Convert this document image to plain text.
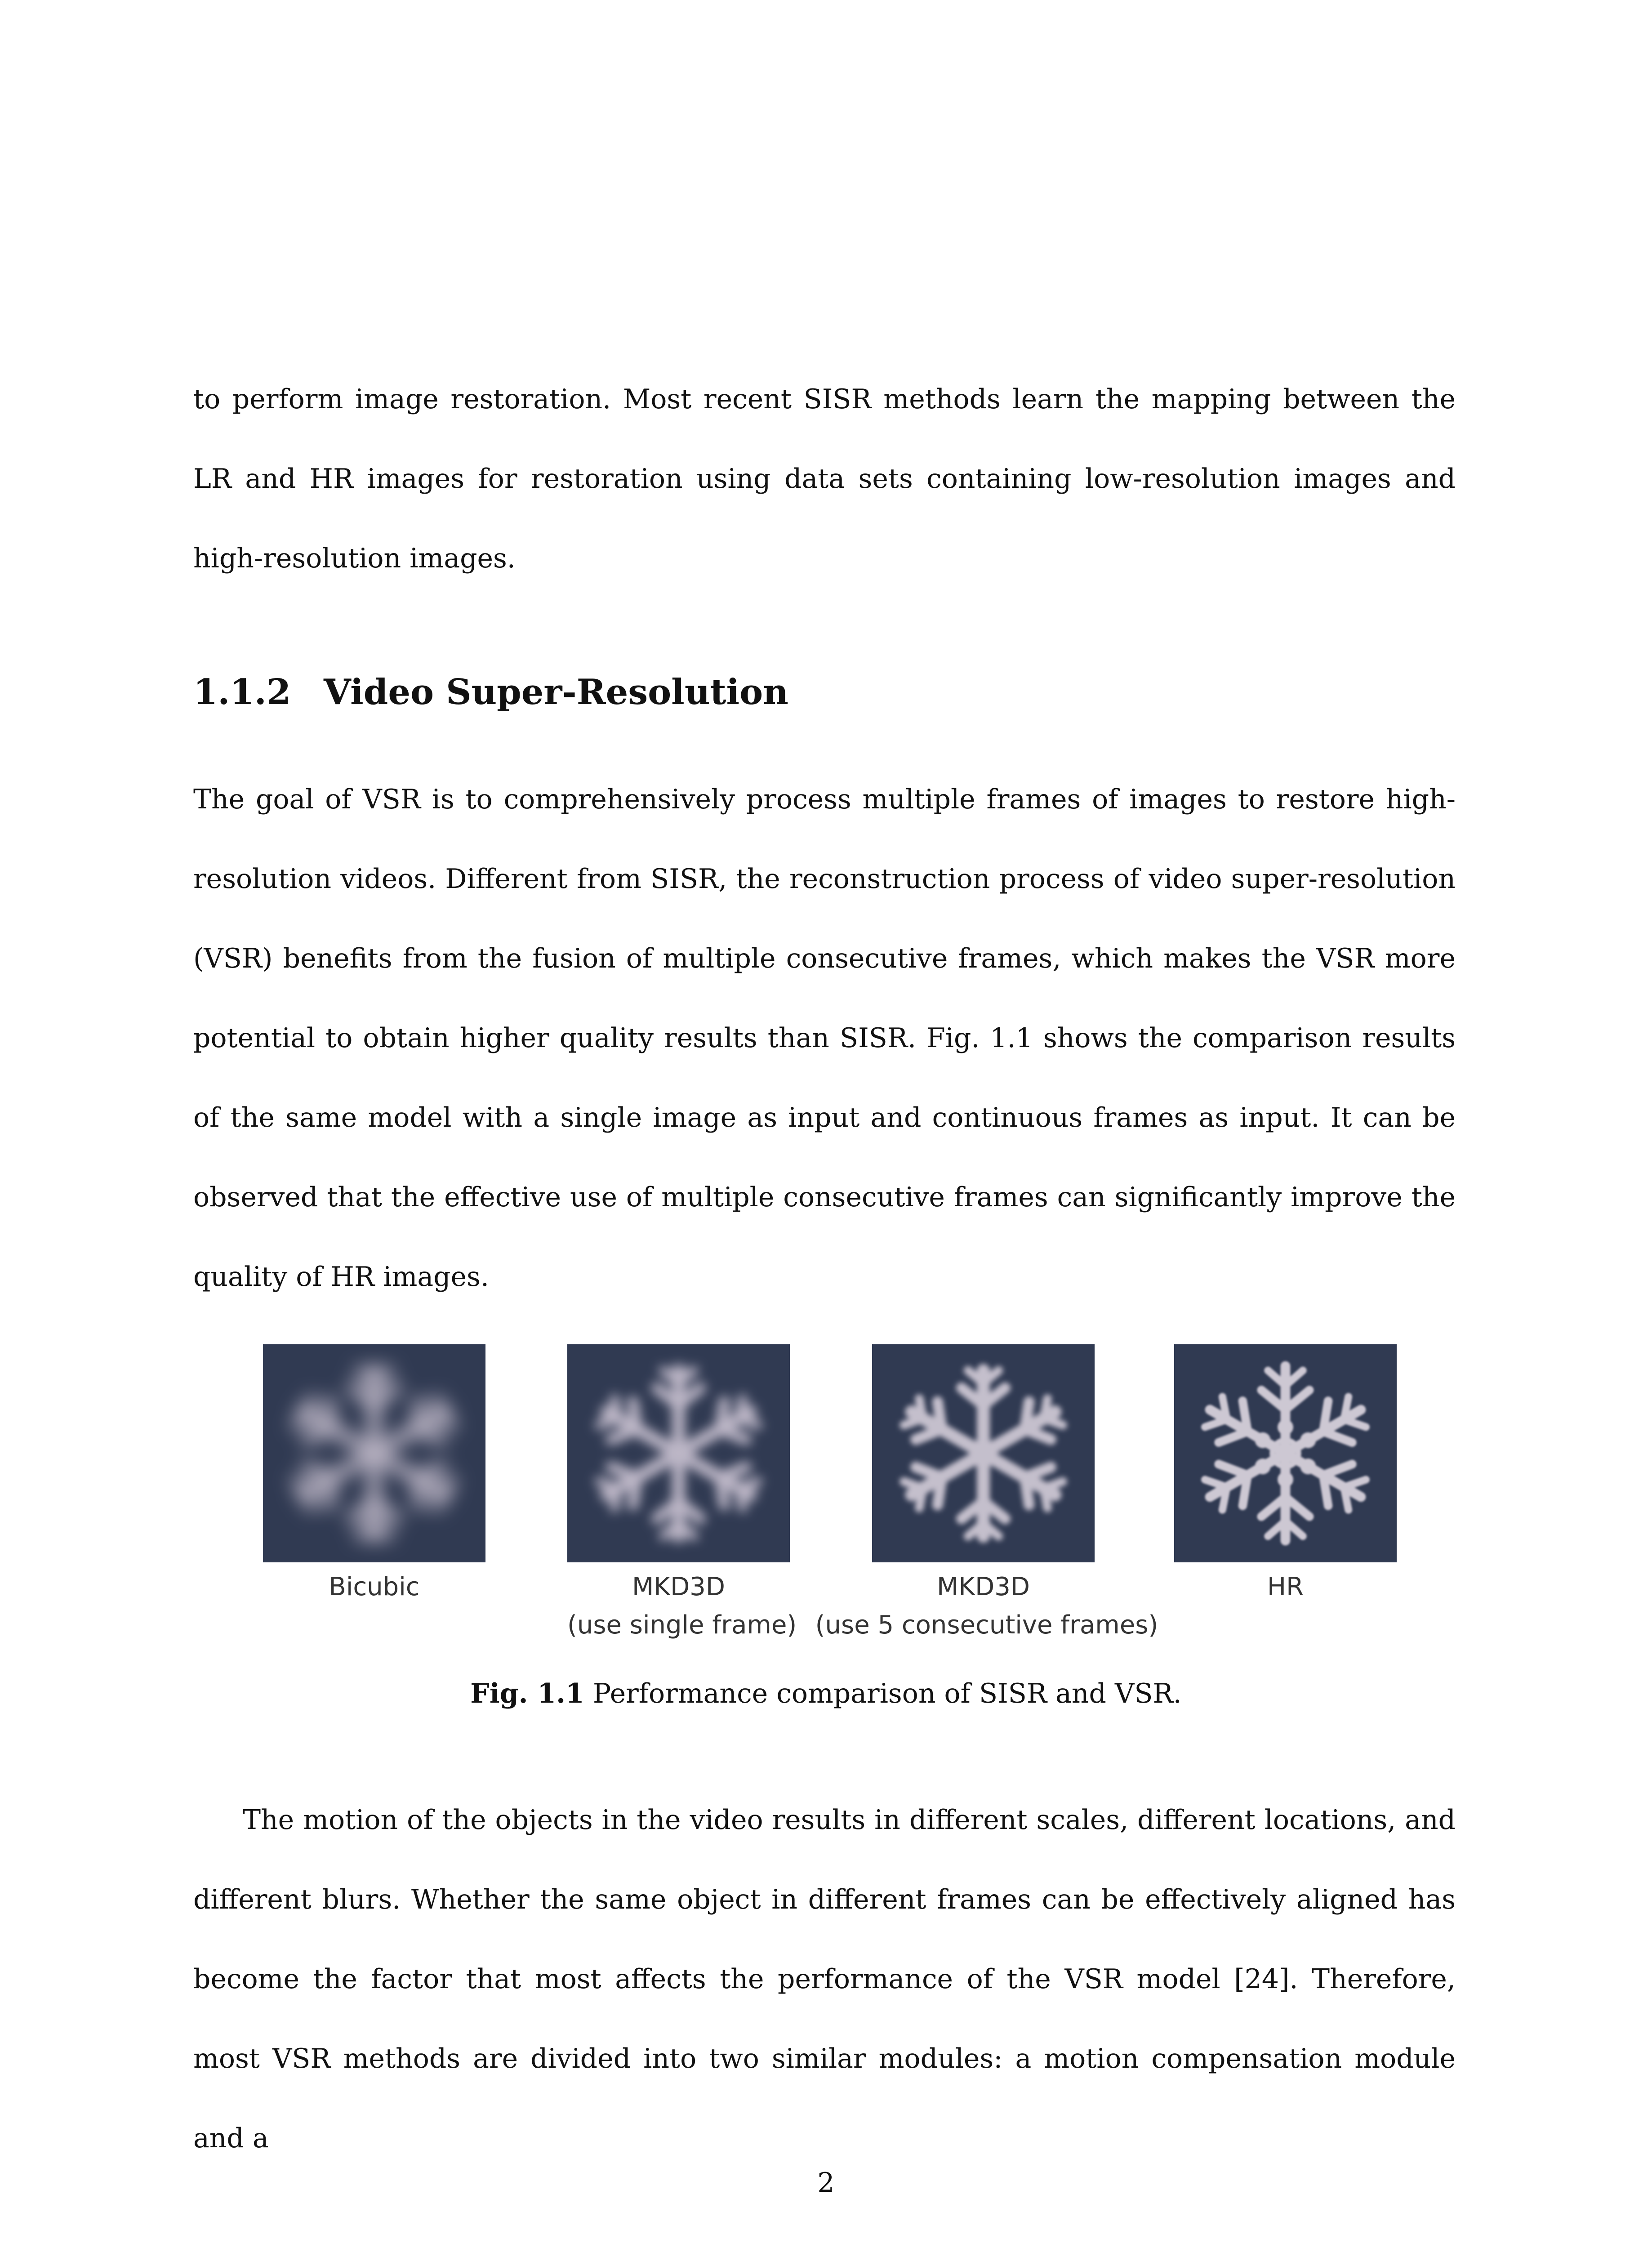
to perform image restoration. Most recent SISR methods learn the mapping between the LR and HR images for restoration using data sets containing low-resolution images and high-resolution images.

1.1.2 Video Super-Resolution

The goal of VSR is to comprehensively process multiple frames of images to restore high-resolution videos. Different from SISR, the reconstruction process of video super-resolution (VSR) benefits from the fusion of multiple consecutive frames, which makes the VSR more potential to obtain higher quality results than SISR. Fig. 1.1 shows the comparison results of the same model with a single image as input and continuous frames as input. It can be observed that the effective use of multiple consecutive frames can significantly improve the quality of HR images.

Bicubic	MKD3D
(use single frame)
MKD3D
(use 5 consecutive frames)
HR
Fig. 1.1 Performance comparison of SISR and VSR.

The motion of the objects in the video results in different scales, different locations, and different blurs. Whether the same object in different frames can be effectively aligned has become the factor that most affects the performance of the VSR model [24]. Therefore, most VSR methods are divided into two similar modules: a motion compensation module and a

2
